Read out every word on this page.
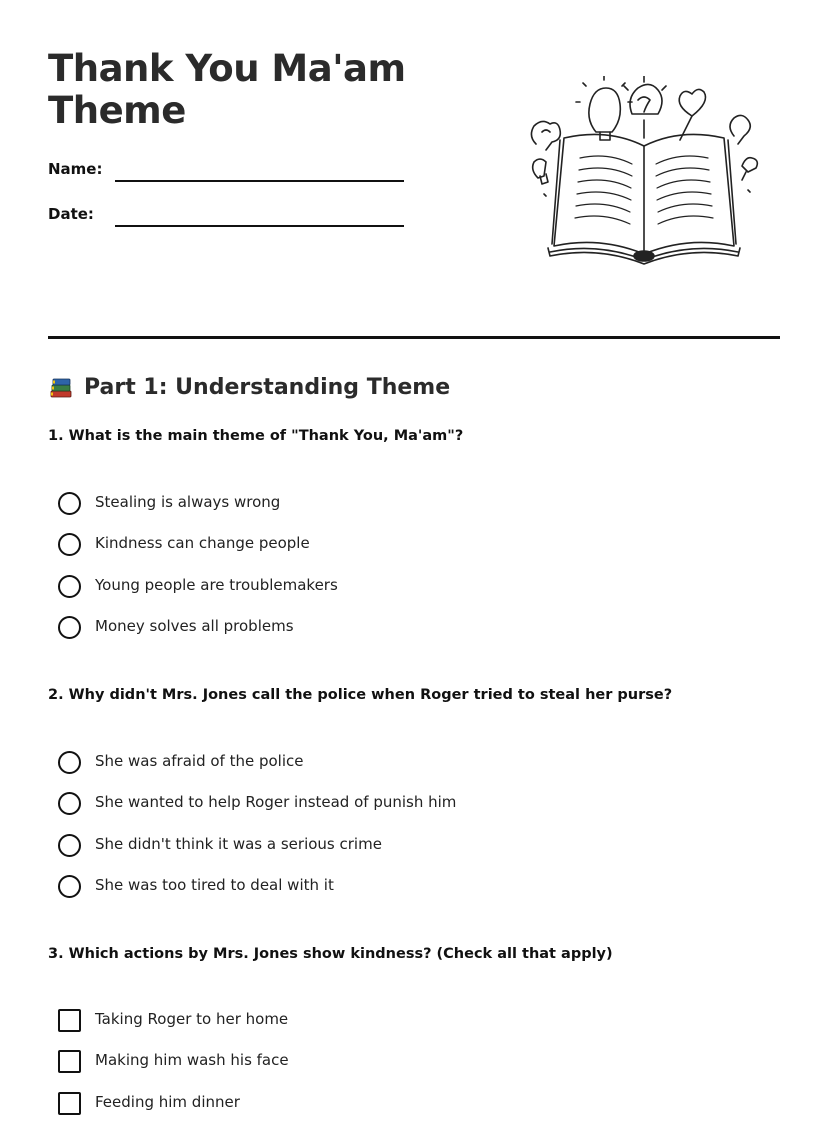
Thank You Ma'am
Theme
Name:
Date:
Part 1: Understanding Theme

1. What is the main theme of "Thank You, Ma'am"?

Stealing is always wrong
Kindness can change people
Young people are troublemakers
Money solves all problems

2. Why didn't Mrs. Jones call the police when Roger tried to steal her purse?

She was afraid of the police
She wanted to help Roger instead of punish him
She didn't think it was a serious crime
She was too tired to deal with it

3. Which actions by Mrs. Jones show kindness? (Check all that apply)

Taking Roger to her home
Making him wash his face
Feeding him dinner
